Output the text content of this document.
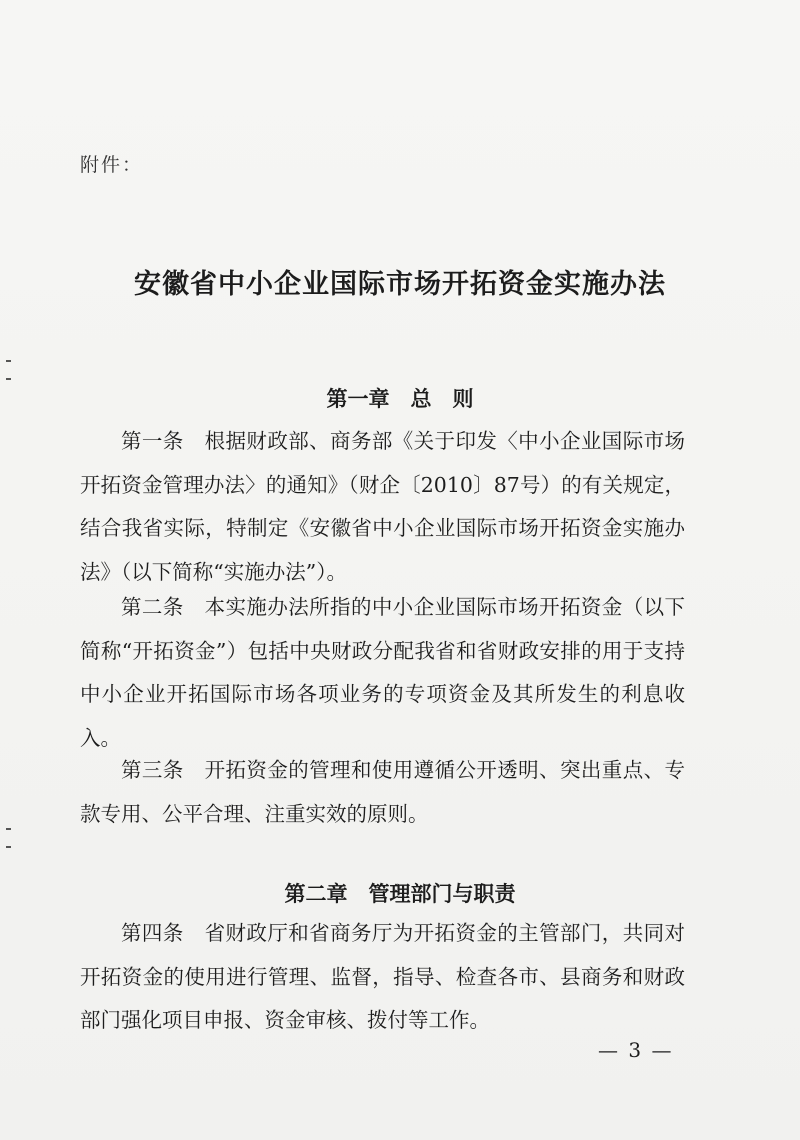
附件：
安徽省中小企业国际市场开拓资金实施办法
第一章　总　则
第一条　根据财政部、商务部《关于印发〈中小企业国际市场开拓资金管理办法〉的通知》（财企〔2010〕87号）的有关规定，结合我省实际，特制定《安徽省中小企业国际市场开拓资金实施办法》（以下简称“实施办法”）。
第二条　本实施办法所指的中小企业国际市场开拓资金（以下简称“开拓资金”）包括中央财政分配我省和省财政安排的用于支持中小企业开拓国际市场各项业务的专项资金及其所发生的利息收入。
第三条　开拓资金的管理和使用遵循公开透明、突出重点、专款专用、公平合理、注重实效的原则。
第二章　管理部门与职责
第四条　省财政厅和省商务厅为开拓资金的主管部门，共同对开拓资金的使用进行管理、监督，指导、检查各市、县商务和财政部门强化项目申报、资金审核、拨付等工作。
— 3 —
